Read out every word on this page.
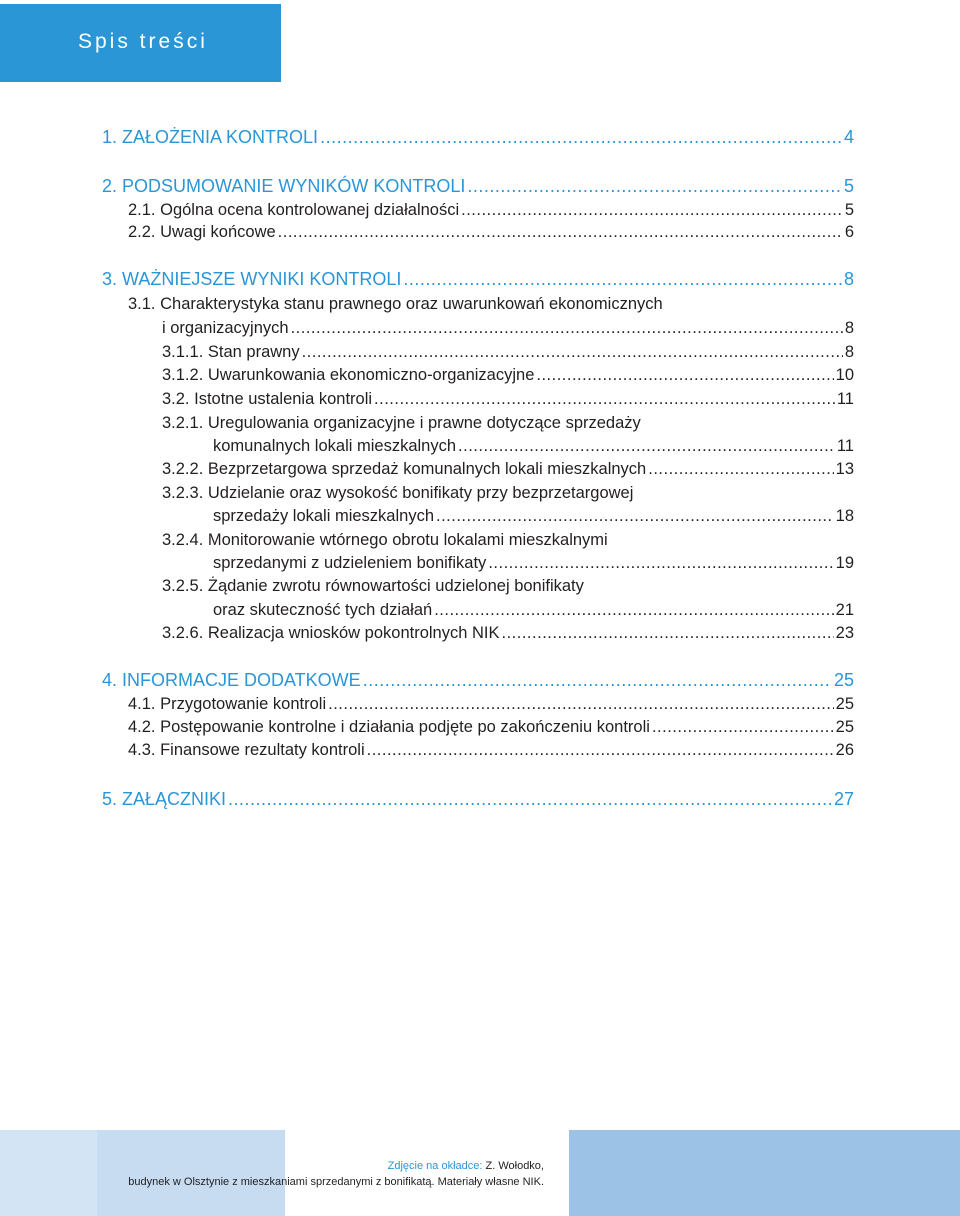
Spis treści
1. ZAŁOŻENIA KONTROLI .....	4
2. PODSUMOWANIE WYNIKÓW KONTROLI .....	5
2.1. Ogólna ocena kontrolowanej działalności .....	5
2.2. Uwagi końcowe .....	6
3. WAŻNIEJSZE WYNIKI KONTROLI .....	8
3.1. Charakterystyka stanu prawnego oraz uwarunkowań ekonomicznych
i organizacyjnych .....	8
3.1.1. Stan prawny .....	8
3.1.2. Uwarunkowania ekonomiczno-organizacyjne .....	10
3.2. Istotne ustalenia kontroli .....	11
3.2.1. Uregulowania organizacyjne i prawne dotyczące sprzedaży
komunalnych lokali mieszkalnych .....	11
3.2.2. Bezprzetargowa sprzedaż komunalnych lokali mieszkalnych .....	13
3.2.3. Udzielanie oraz wysokość bonifikaty przy bezprzetargowej
sprzedaży lokali mieszkalnych .....	18
3.2.4. Monitorowanie wtórnego obrotu lokalami mieszkalnymi
sprzedanymi z udzieleniem bonifikaty .....	19
3.2.5. Żądanie zwrotu równowartości udzielonej bonifikaty
oraz skuteczność tych działań .....	21
3.2.6. Realizacja wniosków pokontrolnych NIK .....	23
4. INFORMACJE DODATKOWE .....	25
4.1. Przygotowanie kontroli .....	25
4.2. Postępowanie kontrolne i działania podjęte po zakończeniu kontroli .....	25
4.3. Finansowe rezultaty kontroli .....	26
5. ZAŁĄCZNIKI .....	27
Zdjęcie na okładce: Z. Wołodko,
budynek w Olsztynie z mieszkaniami sprzedanymi z bonifikatą. Materiały własne NIK.
